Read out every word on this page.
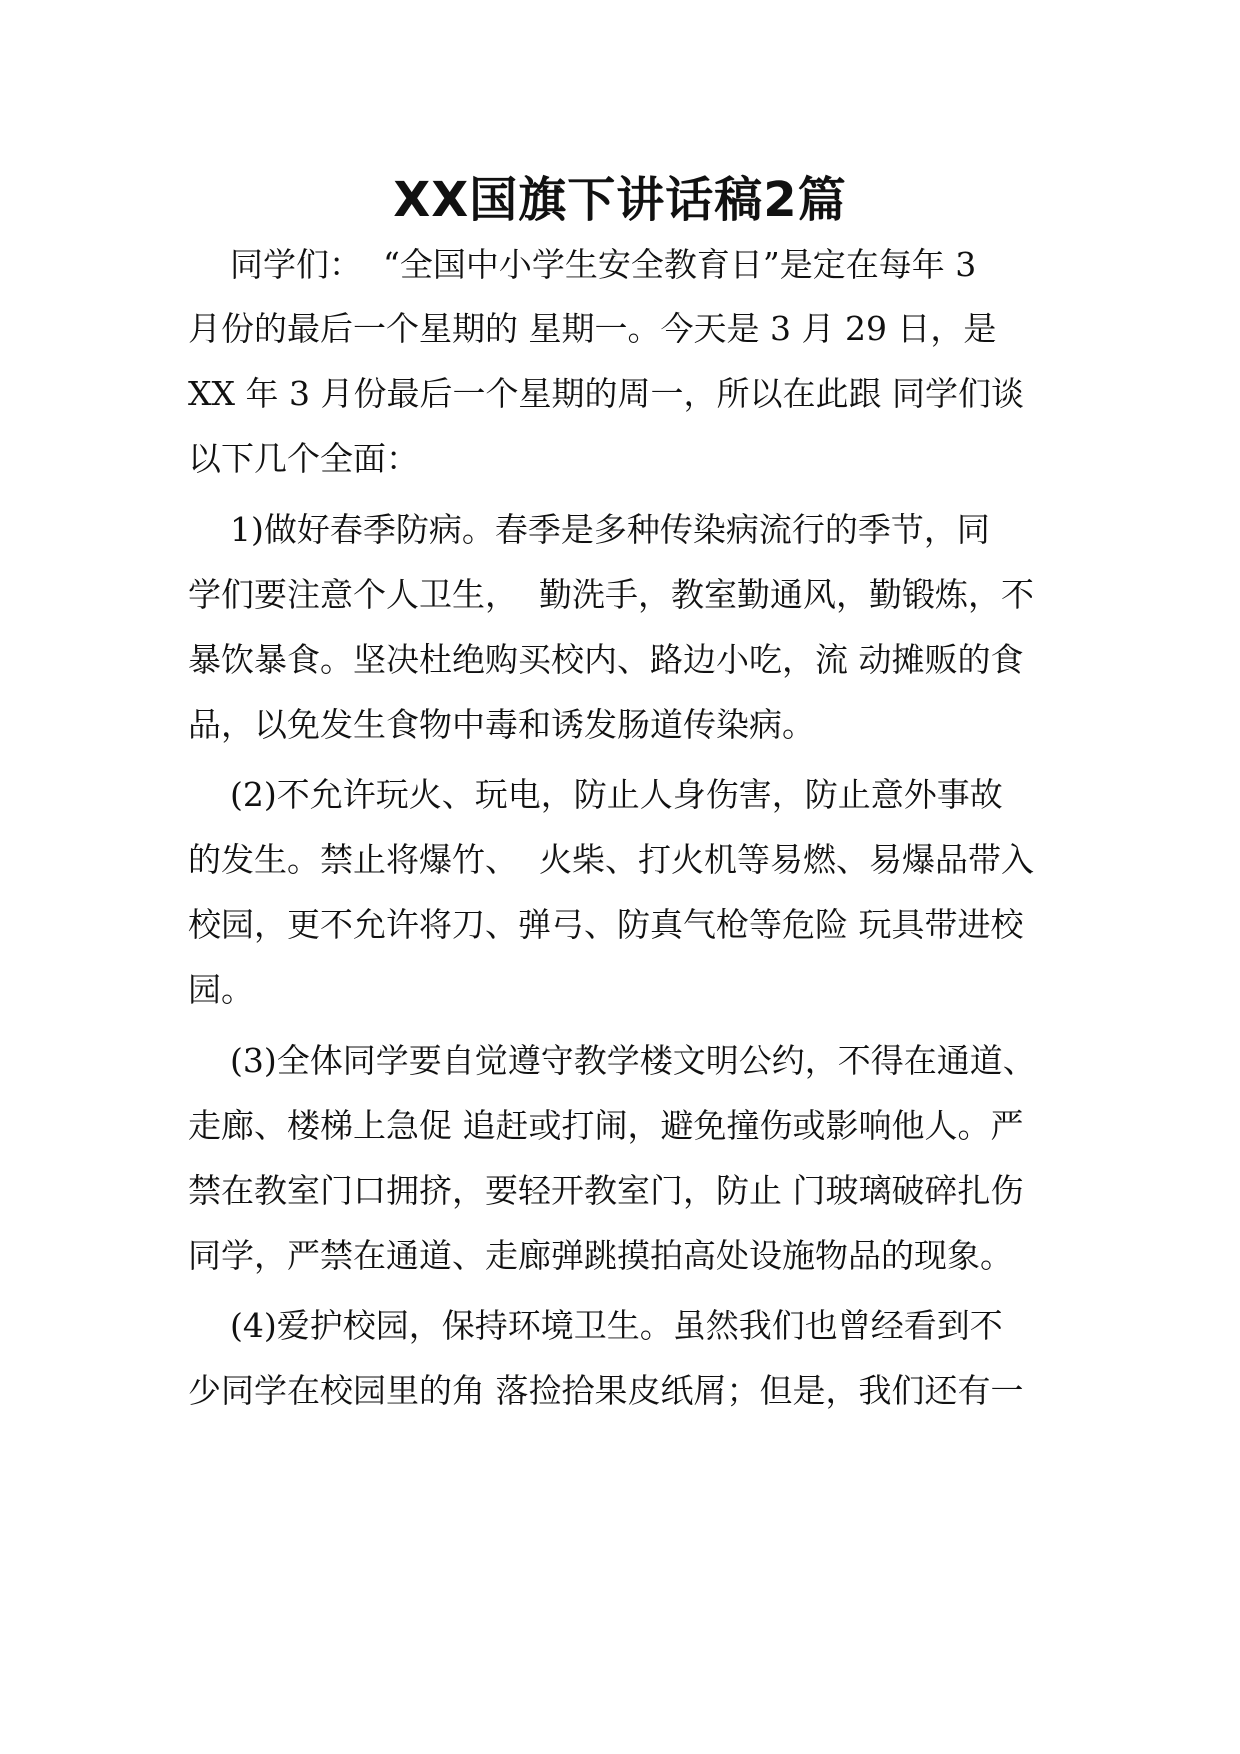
XX国旗下讲话稿2篇

同学们：  “全国中小学生安全教育日”是定在每年 3

月份的最后一个星期的 星期一。今天是 3 月 29 日，是

XX 年 3 月份最后一个星期的周一，所以在此跟 同学们谈

以下几个全面：

1)做好春季防病。春季是多种传染病流行的季节，同

学们要注意个人卫生，  勤洗手，教室勤通风，勤锻炼，不

暴饮暴食。坚决杜绝购买校内、路边小吃，流 动摊贩的食

品，以免发生食物中毒和诱发肠道传染病。

(2)不允许玩火、玩电，防止人身伤害，防止意外事故

的发生。禁止将爆竹、  火柴、打火机等易燃、易爆品带入

校园，更不允许将刀、弹弓、防真气枪等危险 玩具带进校

园。

(3)全体同学要自觉遵守教学楼文明公约，不得在通道、

走廊、楼梯上急促 追赶或打闹，避免撞伤或影响他人。严

禁在教室门口拥挤，要轻开教室门，防止 门玻璃破碎扎伤

同学，严禁在通道、走廊弹跳摸拍高处设施物品的现象。

(4)爱护校园，保持环境卫生。虽然我们也曾经看到不

少同学在校园里的角 落捡拾果皮纸屑；但是，我们还有一
